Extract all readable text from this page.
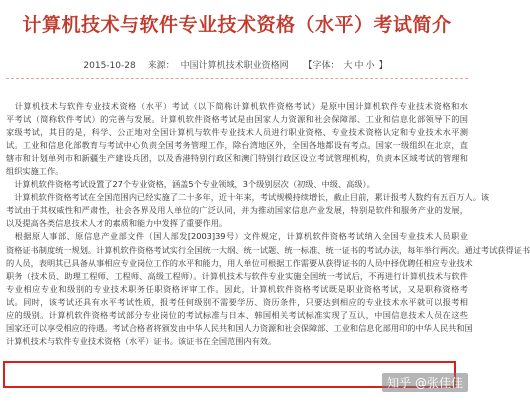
计算机技术与软件专业技术资格（水平）考试简介
2015-10-28 来源： 中国计算机技术职业资格网 【字体： 大 中 小 】
　计算机技术与软件专业技术资格（水平）考试（以下简称计算机软件资格考试）是原中国计算机软件专业技术资格和水
平考试（简称软件考试）的完善与发展。计算机软件资格考试是由国家人力资源和社会保障部、工业和信息化部领导下的国
家级考试，其目的是，科学、公正地对全国计算机与软件专业技术人员进行职业资格、专业技术资格认定和专业技术水平测
试。工业和信息化部教育与考试中心负责全国考务管理工作，除台湾地区外，全国各地都设有考点。国家一级组织在北京，直
辖市和计划单列市和新疆生产建设兵团，以及香港特别行政区和澳门特别行政区设立考试管理机构，负责本区域考试的管理和
组织实施工作。
　计算机软件资格考试设置了27个专业资格，涵盖5个专业领域，3个级别层次（初级、中级、高级）。
　计算机软件资格考试在全国范围内已经实施了二十多年，近十年来，考试规模持续增长，截止目前，累计报考人数约有五百万人。该
考试由于其权威性和严肃性，社会各界及用人单位的广泛认同，并为推动国家信息产业发展，特别是软件和服务产业的发展，
以及提高各类信息技术人才的素质和能力中发挥了重要作用。
　根据原人事部、原信息产业部文件（国人部发[2003]39号）文件规定，计算机软件资格考试纳入全国专业技术人员职业
资格证书制度统一规划。计算机软件资格考试实行全国统一大纲、统一试题、统一标准、统一证书的考试办法，每年举行两次。通过考试获得证书
的人员，表明其已具备从事相应专业岗位工作的水平和能力，用人单位可根据工作需要从获得证书的人员中择优聘任相应专业技术
职务（技术员、助理工程师、工程师、高级工程师）。计算机技术与软件专业实施全国统一考试后，不再进行计算机技术与软件
专业相应专业和级别的专业技术职务任职资格评审工作。因此，计算机软件资格考试既是职业资格考试，又是职称资格考
试。同时，该考试还具有水平考试性质，报考任何级别不需要学历、资历条件，只要达到相应的专业技术水平就可以报考相
应的级别。计算机软件资格考试部分专业岗位的考试标准与日本、韩国相关考试标准实现了互认，中国信息技术人员在这些
国家还可以享受相应的待遇。考试合格者将颁发由中华人民共和国人力资源和社会保障部、工业和信息化部用印的中华人民共和国
计算机技术与软件专业技术资格（水平）证书。该证书在全国范围内有效。
知乎 @张佳佳
